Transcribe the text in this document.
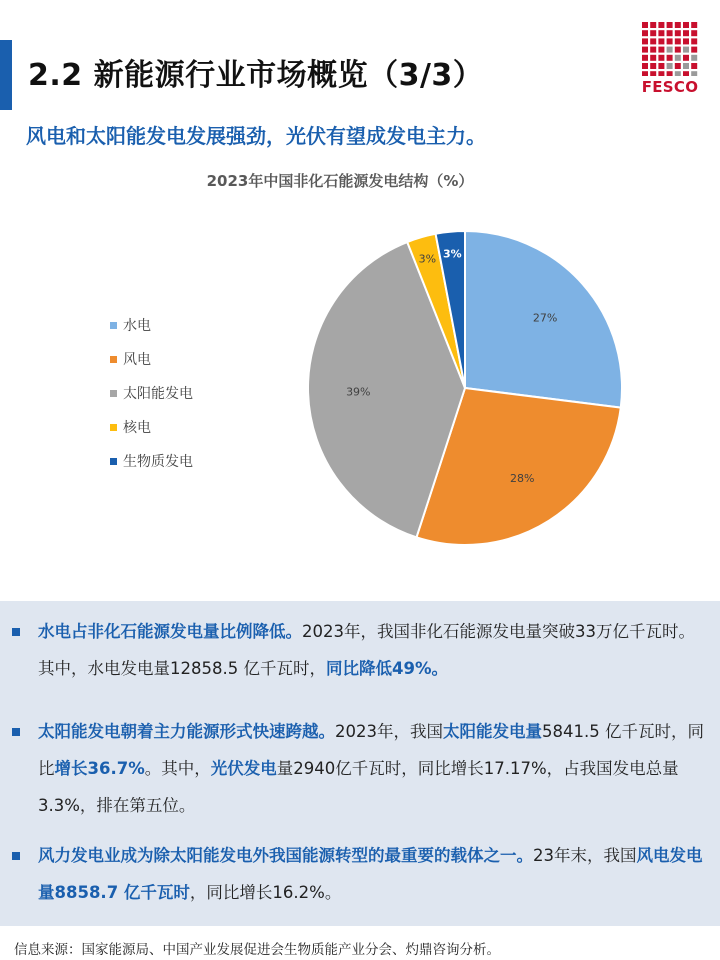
2.2 新能源行业市场概览（3/3）	FESCO
风电和太阳能发电发展强劲，光伏有望成发电主力。
2023年中国非化石能源发电结构（%）
水电
风电
太阳能发电
核电
生物质发电
27%
28%
39%
3% 3%
水电占非化石能源发电量比例降低。2023年，我国非化石能源发电量突破33万亿千瓦时。其中，水电发电量12858.5 亿千瓦时，同比降低49%。
太阳能发电朝着主力能源形式快速跨越。2023年，我国太阳能发电量5841.5 亿千瓦时，同比增长36.7%。其中，光伏发电量2940亿千瓦时，同比增长17.17%，占我国发电总量3.3%，排在第五位。
风力发电业成为除太阳能发电外我国能源转型的最重要的载体之一。23年末，我国风电发电量8858.7 亿千瓦时，同比增长16.2%。
信息来源：国家能源局、中国产业发展促进会生物质能产业分会、灼鼎咨询分析。
